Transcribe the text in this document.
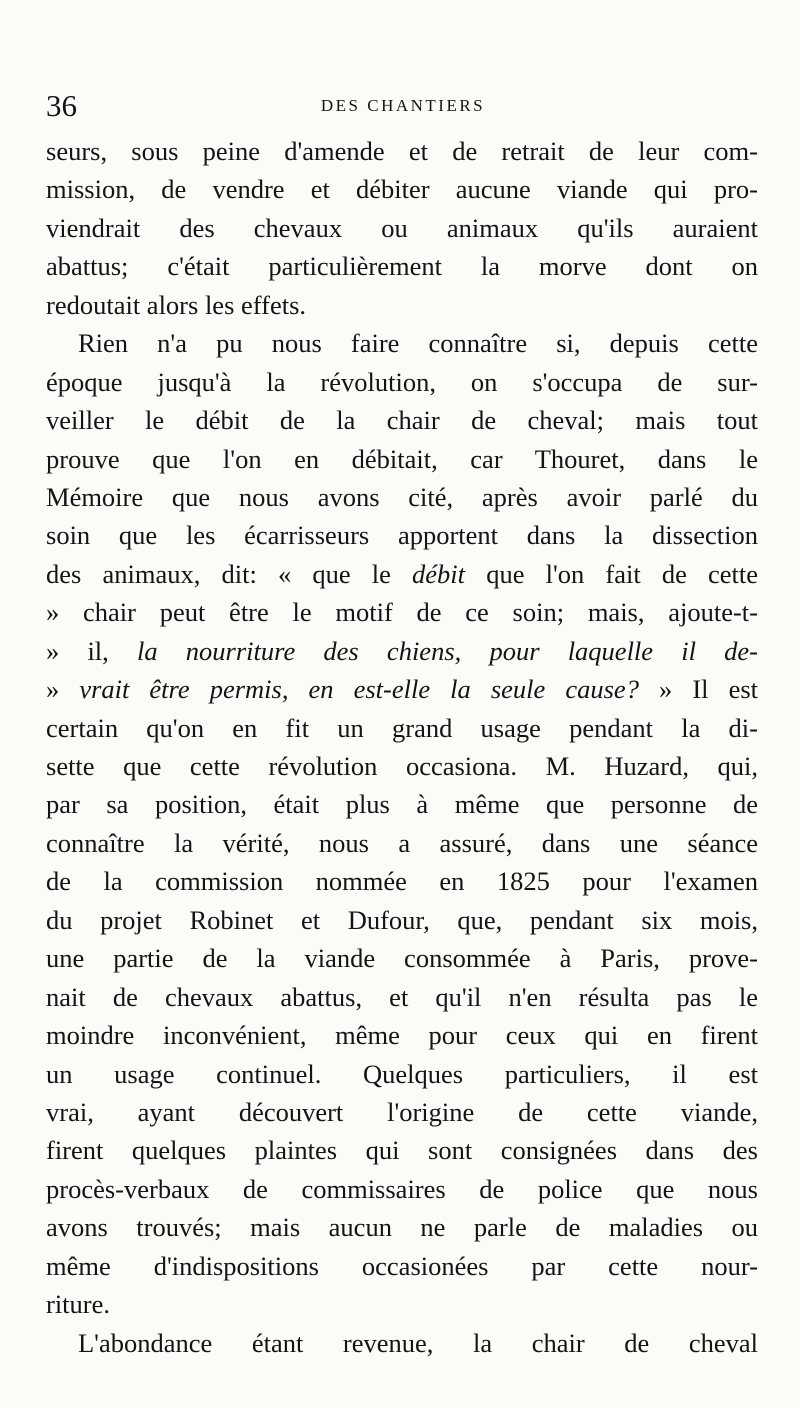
36	DES CHANTIERS
seurs, sous peine d'amende et de retrait de leur com-
mission, de vendre et débiter aucune viande qui pro-
viendrait des chevaux ou animaux qu'ils auraient
abattus; c'était particulièrement la morve dont on
redoutait alors les effets.
Rien n'a pu nous faire connaître si, depuis cette
époque jusqu'à la révolution, on s'occupa de sur-
veiller le débit de la chair de cheval; mais tout
prouve que l'on en débitait, car Thouret, dans le
Mémoire que nous avons cité, après avoir parlé du
soin que les écarrisseurs apportent dans la dissection
des animaux, dit: « que le débit que l'on fait de cette
» chair peut être le motif de ce soin; mais, ajoute-t-
» il, la nourriture des chiens, pour laquelle il de-
» vrait être permis, en est-elle la seule cause? » Il est
certain qu'on en fit un grand usage pendant la di-
sette que cette révolution occasiona. M. Huzard, qui,
par sa position, était plus à même que personne de
connaître la vérité, nous a assuré, dans une séance
de la commission nommée en 1825 pour l'examen
du projet Robinet et Dufour, que, pendant six mois,
une partie de la viande consommée à Paris, prove-
nait de chevaux abattus, et qu'il n'en résulta pas le
moindre inconvénient, même pour ceux qui en firent
un usage continuel. Quelques particuliers, il est
vrai, ayant découvert l'origine de cette viande,
firent quelques plaintes qui sont consignées dans des
procès-verbaux de commissaires de police que nous
avons trouvés; mais aucun ne parle de maladies ou
même d'indispositions occasionées par cette nour-
riture.
L'abondance étant revenue, la chair de cheval
